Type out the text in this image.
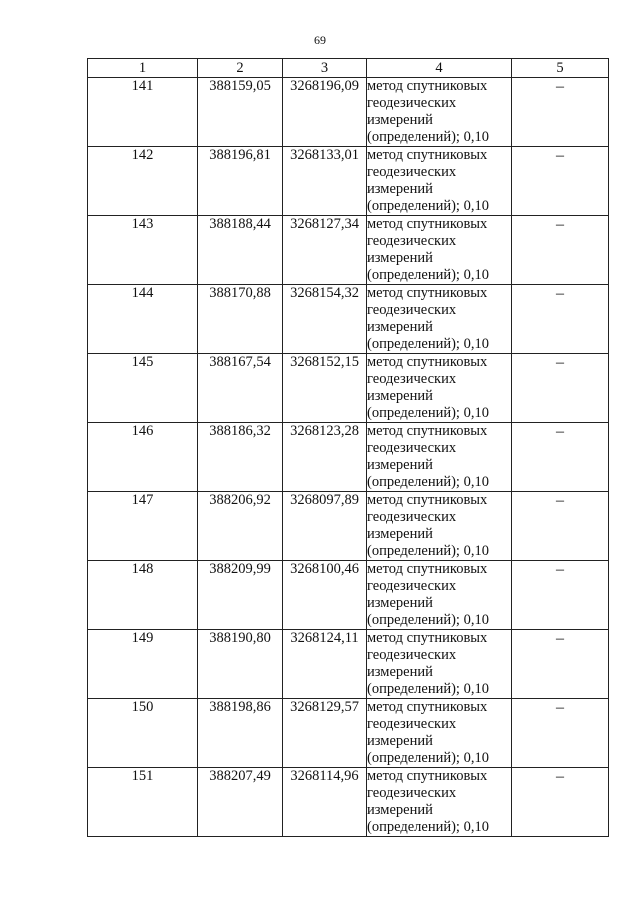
69
1	2	3	4	5
141	388159,05	3268196,09	метод спутниковых
геодезических
измерений
(определений); 0,10	–
142	388196,81	3268133,01	метод спутниковых
геодезических
измерений
(определений); 0,10	–
143	388188,44	3268127,34	метод спутниковых
геодезических
измерений
(определений); 0,10	–
144	388170,88	3268154,32	метод спутниковых
геодезических
измерений
(определений); 0,10	–
145	388167,54	3268152,15	метод спутниковых
геодезических
измерений
(определений); 0,10	–
146	388186,32	3268123,28	метод спутниковых
геодезических
измерений
(определений); 0,10	–
147	388206,92	3268097,89	метод спутниковых
геодезических
измерений
(определений); 0,10	–
148	388209,99	3268100,46	метод спутниковых
геодезических
измерений
(определений); 0,10	–
149	388190,80	3268124,11	метод спутниковых
геодезических
измерений
(определений); 0,10	–
150	388198,86	3268129,57	метод спутниковых
геодезических
измерений
(определений); 0,10	–
151	388207,49	3268114,96	метод спутниковых
геодезических
измерений
(определений); 0,10	–
